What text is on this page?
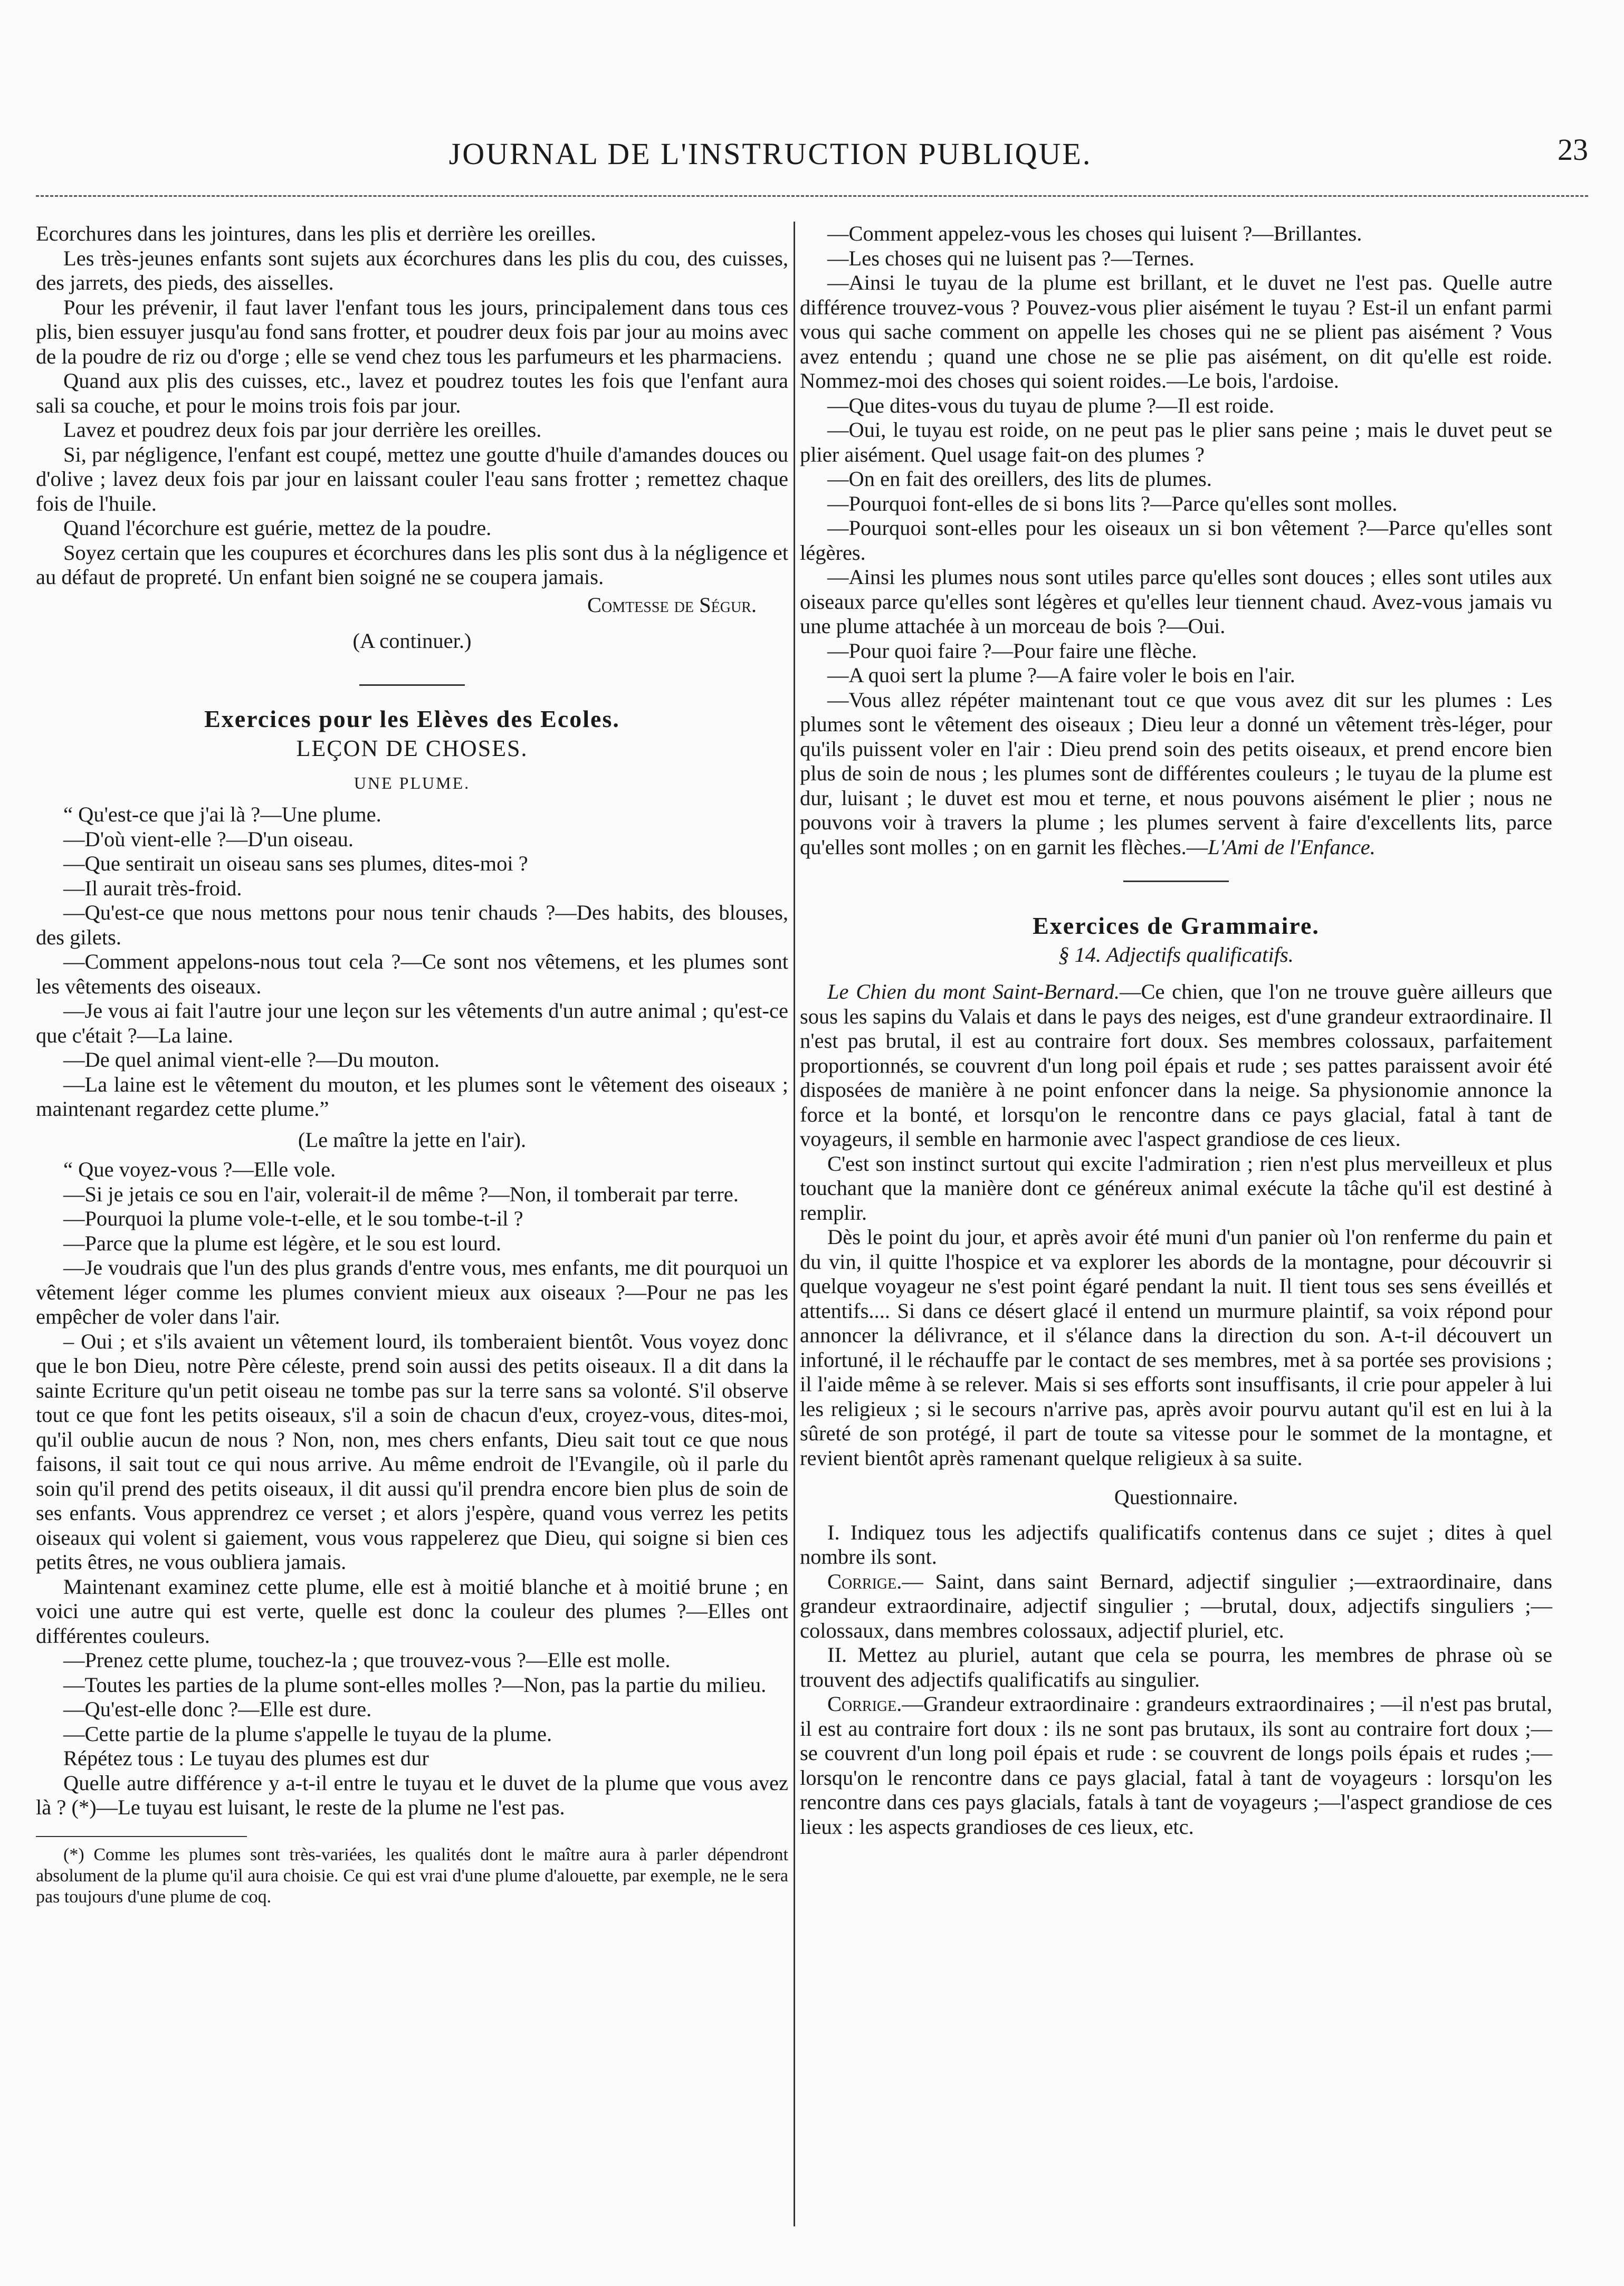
JOURNAL DE L'INSTRUCTION PUBLIQUE.	23

Ecorchures dans les jointures, dans les plis et derrière les oreilles.

Les très-jeunes enfants sont sujets aux écorchures dans les plis du cou, des cuisses, des jarrets, des pieds, des aisselles.

Pour les prévenir, il faut laver l'enfant tous les jours, principalement dans tous ces plis, bien essuyer jusqu'au fond sans frotter, et poudrer deux fois par jour au moins avec de la poudre de riz ou d'orge ; elle se vend chez tous les parfumeurs et les pharmaciens.

Quand aux plis des cuisses, etc., lavez et poudrez toutes les fois que l'enfant aura sali sa couche, et pour le moins trois fois par jour.

Lavez et poudrez deux fois par jour derrière les oreilles.

Si, par négligence, l'enfant est coupé, mettez une goutte d'huile d'amandes douces ou d'olive ; lavez deux fois par jour en laissant couler l'eau sans frotter ; remettez chaque fois de l'huile.

Quand l'écorchure est guérie, mettez de la poudre.

Soyez certain que les coupures et écorchures dans les plis sont dus à la négligence et au défaut de propreté. Un enfant bien soigné ne se coupera jamais.

Comtesse de Ségur.

(A continuer.)

Exercices pour les Elèves des Ecoles.

LEÇON DE CHOSES.

UNE PLUME.

“ Qu'est-ce que j'ai là ?—Une plume.

—D'où vient-elle ?—D'un oiseau.

—Que sentirait un oiseau sans ses plumes, dites-moi ?

—Il aurait très-froid.

—Qu'est-ce que nous mettons pour nous tenir chauds ?—Des habits, des blouses, des gilets.

—Comment appelons-nous tout cela ?—Ce sont nos vêtemens, et les plumes sont les vêtements des oiseaux.

—Je vous ai fait l'autre jour une leçon sur les vêtements d'un autre animal ; qu'est-ce que c'était ?—La laine.

—De quel animal vient-elle ?—Du mouton.

—La laine est le vêtement du mouton, et les plumes sont le vêtement des oiseaux ; maintenant regardez cette plume.”

(Le maître la jette en l'air).

“ Que voyez-vous ?—Elle vole.

—Si je jetais ce sou en l'air, volerait-il de même ?—Non, il tomberait par terre.

—Pourquoi la plume vole-t-elle, et le sou tombe-t-il ?

—Parce que la plume est légère, et le sou est lourd.

—Je voudrais que l'un des plus grands d'entre vous, mes enfants, me dit pourquoi un vêtement léger comme les plumes convient mieux aux oiseaux ?—Pour ne pas les empêcher de voler dans l'air.

– Oui ; et s'ils avaient un vêtement lourd, ils tomberaient bientôt. Vous voyez donc que le bon Dieu, notre Père céleste, prend soin aussi des petits oiseaux. Il a dit dans la sainte Ecriture qu'un petit oiseau ne tombe pas sur la terre sans sa volonté. S'il observe tout ce que font les petits oiseaux, s'il a soin de chacun d'eux, croyez-vous, dites-moi, qu'il oublie aucun de nous ? Non, non, mes chers enfants, Dieu sait tout ce que nous faisons, il sait tout ce qui nous arrive. Au même endroit de l'Evangile, où il parle du soin qu'il prend des petits oiseaux, il dit aussi qu'il prendra encore bien plus de soin de ses enfants. Vous apprendrez ce verset ; et alors j'espère, quand vous verrez les petits oiseaux qui volent si gaiement, vous vous rappelerez que Dieu, qui soigne si bien ces petits êtres, ne vous oubliera jamais.

Maintenant examinez cette plume, elle est à moitié blanche et à moitié brune ; en voici une autre qui est verte, quelle est donc la couleur des plumes ?—Elles ont différentes couleurs.

—Prenez cette plume, touchez-la ; que trouvez-vous ?—Elle est molle.

—Toutes les parties de la plume sont-elles molles ?—Non, pas la partie du milieu.

—Qu'est-elle donc ?—Elle est dure.

—Cette partie de la plume s'appelle le tuyau de la plume.

Répétez tous : Le tuyau des plumes est dur

Quelle autre différence y a-t-il entre le tuyau et le duvet de la plume que vous avez là ? (*)—Le tuyau est luisant, le reste de la plume ne l'est pas.

(*) Comme les plumes sont très-variées, les qualités dont le maître aura à parler dépendront absolument de la plume qu'il aura choisie. Ce qui est vrai d'une plume d'alouette, par exemple, ne le sera pas toujours d'une plume de coq.

—Comment appelez-vous les choses qui luisent ?—Brillantes.

—Les choses qui ne luisent pas ?—Ternes.

—Ainsi le tuyau de la plume est brillant, et le duvet ne l'est pas. Quelle autre différence trouvez-vous ? Pouvez-vous plier aisément le tuyau ? Est-il un enfant parmi vous qui sache comment on appelle les choses qui ne se plient pas aisément ? Vous avez entendu ; quand une chose ne se plie pas aisément, on dit qu'elle est roide. Nommez-moi des choses qui soient roides.—Le bois, l'ardoise.

—Que dites-vous du tuyau de plume ?—Il est roide.

—Oui, le tuyau est roide, on ne peut pas le plier sans peine ; mais le duvet peut se plier aisément. Quel usage fait-on des plumes ?

—On en fait des oreillers, des lits de plumes.

—Pourquoi font-elles de si bons lits ?—Parce qu'elles sont molles.

—Pourquoi sont-elles pour les oiseaux un si bon vêtement ?—Parce qu'elles sont légères.

—Ainsi les plumes nous sont utiles parce qu'elles sont douces ; elles sont utiles aux oiseaux parce qu'elles sont légères et qu'elles leur tiennent chaud. Avez-vous jamais vu une plume attachée à un morceau de bois ?—Oui.

—Pour quoi faire ?—Pour faire une flèche.

—A quoi sert la plume ?—A faire voler le bois en l'air.

—Vous allez répéter maintenant tout ce que vous avez dit sur les plumes : Les plumes sont le vêtement des oiseaux ; Dieu leur a donné un vêtement très-léger, pour qu'ils puissent voler en l'air : Dieu prend soin des petits oiseaux, et prend encore bien plus de soin de nous ; les plumes sont de différentes couleurs ; le tuyau de la plume est dur, luisant ; le duvet est mou et terne, et nous pouvons aisément le plier ; nous ne pouvons voir à travers la plume ; les plumes servent à faire d'excellents lits, parce qu'elles sont molles ; on en garnit les flèches.—L'Ami de l'Enfance.

Exercices de Grammaire.

§ 14. Adjectifs qualificatifs.

Le Chien du mont Saint-Bernard.—Ce chien, que l'on ne trouve guère ailleurs que sous les sapins du Valais et dans le pays des neiges, est d'une grandeur extraordinaire. Il n'est pas brutal, il est au contraire fort doux. Ses membres colossaux, parfaitement proportionnés, se couvrent d'un long poil épais et rude ; ses pattes paraissent avoir été disposées de manière à ne point enfoncer dans la neige. Sa physionomie annonce la force et la bonté, et lorsqu'on le rencontre dans ce pays glacial, fatal à tant de voyageurs, il semble en harmonie avec l'aspect grandiose de ces lieux.

C'est son instinct surtout qui excite l'admiration ; rien n'est plus merveilleux et plus touchant que la manière dont ce généreux animal exécute la tâche qu'il est destiné à remplir.

Dès le point du jour, et après avoir été muni d'un panier où l'on renferme du pain et du vin, il quitte l'hospice et va explorer les abords de la montagne, pour découvrir si quelque voyageur ne s'est point égaré pendant la nuit. Il tient tous ses sens éveillés et attentifs.... Si dans ce désert glacé il entend un murmure plaintif, sa voix répond pour annoncer la délivrance, et il s'élance dans la direction du son. A-t-il découvert un infortuné, il le réchauffe par le contact de ses membres, met à sa portée ses provisions ; il l'aide même à se relever. Mais si ses efforts sont insuffisants, il crie pour appeler à lui les religieux ; si le secours n'arrive pas, après avoir pourvu autant qu'il est en lui à la sûreté de son protégé, il part de toute sa vitesse pour le sommet de la montagne, et revient bientôt après ramenant quelque religieux à sa suite.

Questionnaire.

I. Indiquez tous les adjectifs qualificatifs contenus dans ce sujet ; dites à quel nombre ils sont.

Corrige.— Saint, dans saint Bernard, adjectif singulier ;—extraordinaire, dans grandeur extraordinaire, adjectif singulier ; —brutal, doux, adjectifs singuliers ;—colossaux, dans membres colossaux, adjectif pluriel, etc.

II. Mettez au pluriel, autant que cela se pourra, les membres de phrase où se trouvent des adjectifs qualificatifs au singulier.

Corrige.—Grandeur extraordinaire : grandeurs extraordinaires ; —il n'est pas brutal, il est au contraire fort doux : ils ne sont pas brutaux, ils sont au contraire fort doux ;—se couvrent d'un long poil épais et rude : se couvrent de longs poils épais et rudes ;—lorsqu'on le rencontre dans ce pays glacial, fatal à tant de voyageurs : lorsqu'on les rencontre dans ces pays glacials, fatals à tant de voyageurs ;—l'aspect grandiose de ces lieux : les aspects grandioses de ces lieux, etc.
